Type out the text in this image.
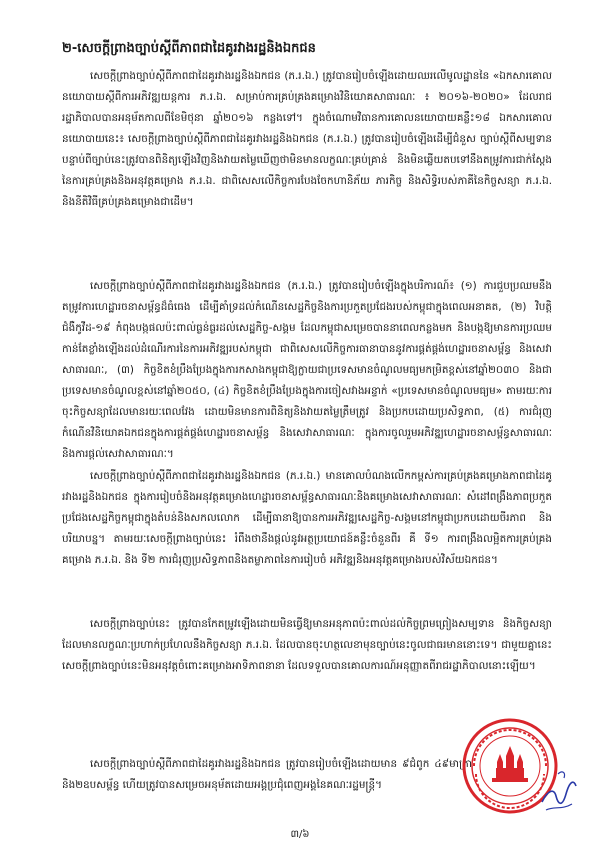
២-សេចក្តីព្រាងច្បាប់ស្តីពីភាពជាដៃគូរវាងរដ្ឋនិងឯកជន
សេចក្តីព្រាងច្បាប់ស្តីពីភាពជាដៃគូរវាងរដ្ឋនិងឯកជន (ភ.រ.ឯ.) ត្រូវបានរៀបចំឡើងដោយឈរលើមូលដ្ឋាននៃ «ឯកសារគោលនយោបាយស្តីពីការអភិវឌ្ឍយន្តការ ភ.រ.ឯ. សម្រាប់ការគ្រប់គ្រងគម្រោងវិនិយោគសាធារណៈ ៖ ២០១៦-២០២០» ដែលរាជរដ្ឋាភិបាលបានអនុម័តកាលពីខែមិថុនា ឆ្នាំ២០១៦ កន្លងទៅ។ ក្នុងចំណោមវិធានការគោលនយោបាយគន្លឹះ១៨ ឯកសារគោលនយោបាយនេះ៖ សេចក្តីព្រាងច្បាប់ស្តីពីភាពជាដៃគូរវាងរដ្ឋនិងឯកជន (ភ.រ.ឯ.) ត្រូវបានរៀបចំឡើងដើម្បីជំនួស ច្បាប់ស្តីពីសម្បទាន បន្ទាប់ពីច្បាប់នេះត្រូវបានពិនិត្យឡើងវិញនិងវាយតម្លៃឃើញថាមិនមានលក្ខណៈគ្រប់គ្រាន់ និងមិនឆ្លើយតបទៅនឹងតម្រូវការជាក់ស្តែងនៃការគ្រប់គ្រងនិងអនុវត្តគម្រោង ភ.រ.ឯ. ជាពិសេសលើកិច្ចការបែងចែកហានិភ័យ ភារកិច្ច និងសិទ្ធិរបស់ភាគីនៃកិច្ចសន្យា ភ.រ.ឯ. និងនីតិវិធីគ្រប់គ្រងគម្រោងជាដើម។
សេចក្តីព្រាងច្បាប់ស្តីពីភាពជាដៃគូរវាងរដ្ឋនិងឯកជន (ភ.រ.ឯ.) ត្រូវបានរៀបចំឡើងក្នុងបរិការណ៍៖ (១) ការជួបប្រឈមនឹងតម្រូវការហេដ្ឋារចនាសម្ព័ន្ធដ៏ធំធេង ដើម្បីគាំទ្រដល់កំណើនសេដ្ឋកិច្ចនិងការប្រកួតប្រជែងរបស់កម្ពុជាក្នុងពេលអនាគត, (២) វិបត្តិជំងឺកូវីដ-១៩ កំពុងបង្កផលប៉ះពាល់ធ្ងន់ធ្ងរដល់សេដ្ឋកិច្ច-សង្គម ដែលកម្ពុជាសម្រេចបាននាពេលកន្លងមក និងបង្កឱ្យមានការប្រឈមកាន់តែខ្លាំងឡើងដល់ដំណើរការនៃការអភិវឌ្ឍរបស់កម្ពុជា ជាពិសេសលើកិច្ចការធានាបាននូវការផ្គត់ផ្គង់ហេដ្ឋារចនាសម្ព័ន្ធ និងសេវាសាធារណៈ, (៣) កិច្ចខិតខំប្រឹងប្រែងក្នុងការកសាងកម្ពុជាឱ្យក្លាយជាប្រទេសមានចំណូលមធ្យមកម្រិតខ្ពស់នៅឆ្នាំ២០៣០ និងជាប្រទេសមានចំណូលខ្ពស់នៅឆ្នាំ២០៥០, (៤) កិច្ចខិតខំប្រឹងប្រែងក្នុងការចៀសវាងអន្ទាក់ «ប្រទេសមានចំណូលមធ្យម» តាមរយៈការចុះកិច្ចសន្យាដែលមានរយៈពេលវែង ដោយមិនមានការពិនិត្យនិងវាយតម្លៃត្រឹមត្រូវ និងប្រកបដោយប្រសិទ្ធភាព, (៥) ការជំរុញកំណើនវិនិយោគឯកជនក្នុងការផ្គត់ផ្គង់ហេដ្ឋារចនាសម្ព័ន្ធ និងសេវាសាធារណៈ ក្នុងការចូលរួមអភិវឌ្ឍហេដ្ឋារចនាសម្ព័ន្ធសាធារណៈ និងការផ្តល់សេវាសាធារណៈ។
សេចក្តីព្រាងច្បាប់ស្តីពីភាពជាដៃគូរវាងរដ្ឋនិងឯកជន (ភ.រ.ឯ.) មានគោលបំណងលើកកម្ពស់ការគ្រប់គ្រងគម្រោងភាពជាដៃគូរវាងរដ្ឋនិងឯកជន ក្នុងការរៀបចំនិងអនុវត្តគម្រោងហេដ្ឋារចនាសម្ព័ន្ធសាធារណៈនិងគម្រោងសេវាសាធារណៈ សំដៅពង្រឹងភាពប្រកួតប្រជែងសេដ្ឋកិច្ចកម្ពុជាក្នុងតំបន់និងសកលលោក ដើម្បីធានាឱ្យបានការអភិវឌ្ឍសេដ្ឋកិច្ច-សង្គមនៅកម្ពុជាប្រកបដោយចីរភាព និងបរិយាបន្ន។ តាមរយៈសេចក្តីព្រាងច្បាប់នេះ រំពឹងថានឹងផ្តល់នូវអត្ថប្រយោជន៍គន្លឹះចំនួនពីរ គឺ ទី១ ការពង្រឹងលម្អិតការគ្រប់គ្រងគម្រោង ភ.រ.ឯ. និង ទី២ ការជំរុញប្រសិទ្ធភាពនិងតម្លាភាពនៃការរៀបចំ អភិវឌ្ឍនិងអនុវត្តគម្រោងរបស់វិស័យឯកជន។
សេចក្តីព្រាងច្បាប់នេះ ត្រូវបានកែតម្រូវឡើងដោយមិនធ្វើឱ្យមានអនុភាពប៉ះពាល់ដល់កិច្ចព្រមព្រៀងសម្បទាន និងកិច្ចសន្យាដែលមានលក្ខណៈប្រហាក់ប្រហែលនឹងកិច្ចសន្យា ភ.រ.ឯ. ដែលបានចុះហត្ថលេខាមុនច្បាប់នេះចូលជាធរមាននោះទេ។ ជាមួយគ្នានេះ សេចក្តីព្រាងច្បាប់នេះមិនអនុវត្តចំពោះគម្រោងអាទិភាពនានា ដែលទទួលបានគោលការណ៍អនុញ្ញាតពីរាជរដ្ឋាភិបាលនោះឡើយ។
សេចក្តីព្រាងច្បាប់ស្តីពីភាពជាដៃគូរវាងរដ្ឋនិងឯកជន ត្រូវបានរៀបចំឡើងដោយមាន ៩ជំពូក ៤៩មាត្រា និង២ឧបសម្ព័ន្ធ ហើយត្រូវបានសម្រេចអនុម័តដោយអង្គប្រជុំពេញអង្គនៃគណៈរដ្ឋមន្ត្រី។
៣/៦
